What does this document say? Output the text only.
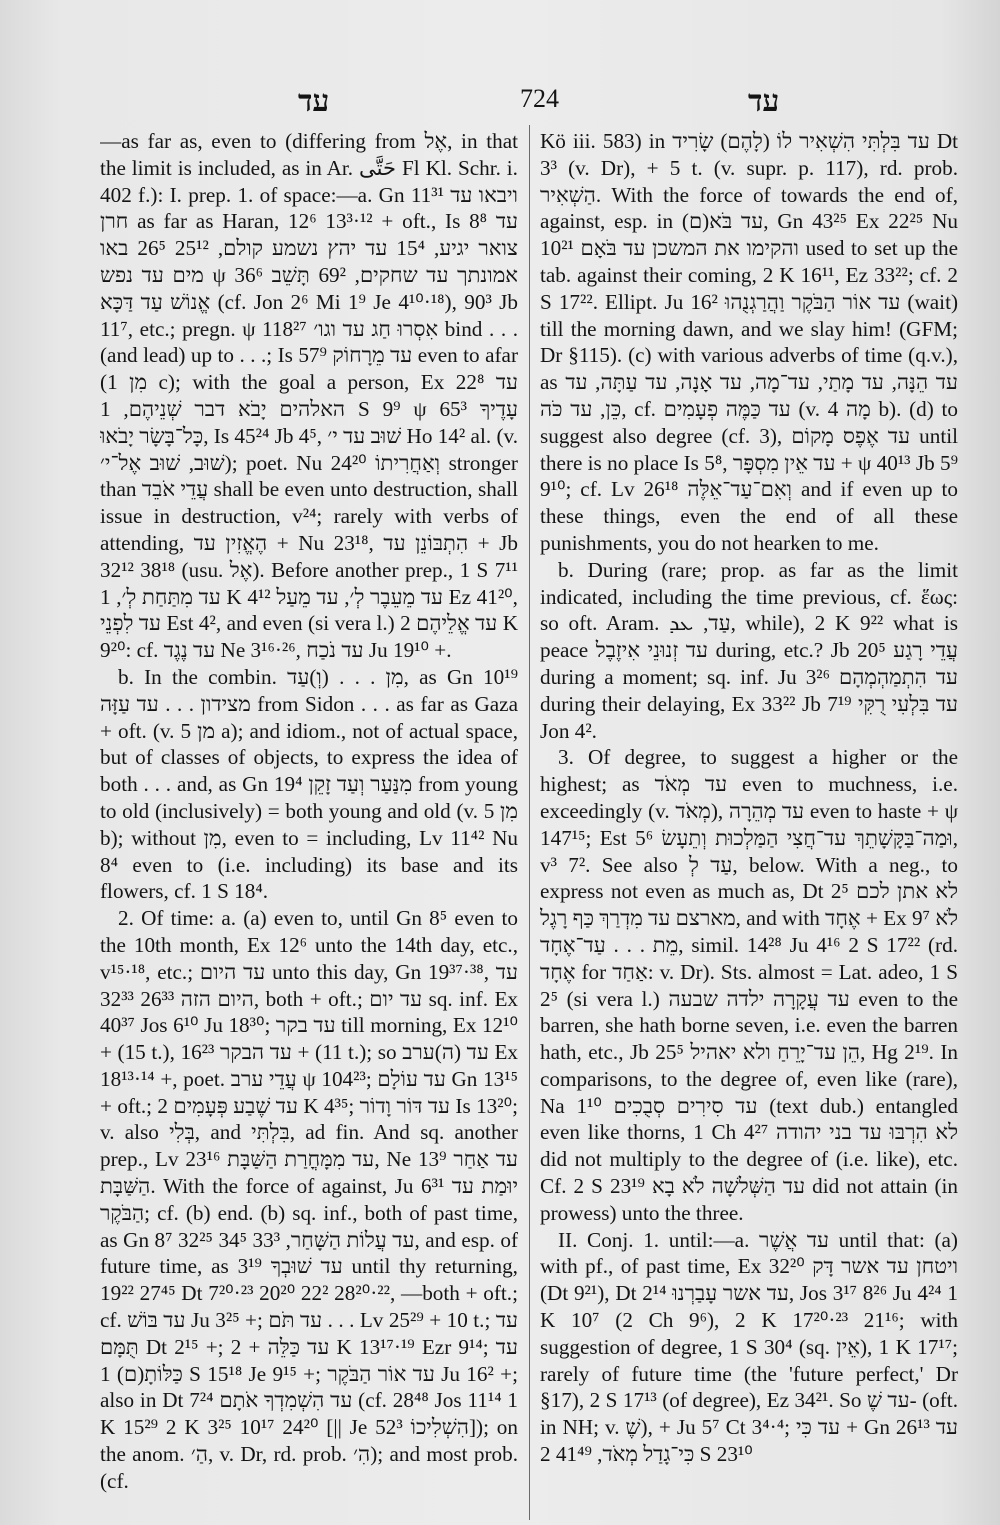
עד	724	עד

—as far as, even to (differing from אֶל, in that the limit is included, as in Ar. حَتَّى Fl Kl. Schr. i. 402 f.): I. prep. 1. of space:—a. Gn 11³¹ ויבאו עד חרן as far as Haran, 12⁶ 13³·¹² + oft., Is 8⁸ עד צואר יגיע, 15⁴ עד יהץ נשמע קולם, 25¹² 26⁵ באו מים עד נפש ψ 36⁶ אמונתך עד שחקים, 69² תָּשֵׁב אֱנוֹשׁ עַד דַּכָּא (cf. Jon 2⁶ Mi 1⁹ Je 4¹⁰·¹⁸), 90³ Jb 11⁷, etc.; pregn. ψ 118²⁷ אִסְרוּ חַג עד וגו׳ bind . . . (and lead) up to . . .; Is 57⁹ עד מֵרָחוֹק even to afar (מִן 1 c); with the goal a person, Ex 22⁸ עד האלהים יָבֹא דבר שְׁנֵיהֶם, 1 S 9⁹ ψ 65³ עָדֶיךָ כָּל־בָּשָׂר יָבֹאוּ, Is 45²⁴ Jb 4⁵, שׁוּב עד י׳ Ho 14² al. (v. שׁוּב, שׁוּב אֶל־י׳); poet. Nu 24²⁰ וְאַחֲרִיתוֹ stronger than עֲדֵי אֹבֵד shall be even unto destruction, shall issue in destruction, v²⁴; rarely with verbs of attending, הֶאֱזִין עד + Nu 23¹⁸, הִתְבּוֹנֵן עד + Jb 32¹² 38¹⁸ (usu. אֶל). Before another prep., 1 S 7¹¹ עד מִתַּחַת לְ׳, 1 K 4¹² עד מֵעֵבֶר לְ׳, עד מֵעַל Ez 41²⁰, עד לִפְנֵי Est 4², and even (si vera l.) עד אֱלֵיהֶם 2 K 9²⁰: cf. עד נֶגֶד Ne 3¹⁶·²⁶, עד נֹכַח Ju 19¹⁰ +.

b. In the combin. מִן . . . (וְ)עַד, as Gn 10¹⁹ מצידון . . . עד עַזָּה from Sidon . . . as far as Gaza + oft. (v. מן 5 a); and idiom., not of actual space, but of classes of objects, to express the idea of both . . . and, as Gn 19⁴ מִנַּעַר וְעַד זָקֵן from young to old (inclusively) = both young and old (v. מִן 5 b); without מִן, even to = including, Lv 11⁴² Nu 8⁴ even to (i.e. including) its base and its flowers, cf. 1 S 18⁴.

2. Of time: a. (a) even to, until Gn 8⁵ even to the 10th month, Ex 12⁶ unto the 14th day, etc., v¹⁵·¹⁸, etc.; עד היום unto this day, Gn 19³⁷·³⁸, עד היום הזה 26³³ 32³³, both + oft.; עד יום sq. inf. Ex 40³⁷ Jos 6¹⁰ Ju 18³⁰; עד בקר till morning, Ex 12¹⁰ + (15 t.), עד הבקר 16²³ + (11 t.); so עד (ה)ערב Ex 18¹³·¹⁴ +, poet. עֲדֵי ערב ψ 104²³; עד עוֹלָם Gn 13¹⁵ + oft.; עד שֶׁבַע פְּעָמִים 2 K 4³⁵; עד דּוֹר וָדוֹר Is 13²⁰; v. also בְּלִי, and בִּלְתִּי, ad fin. And sq. another prep., Lv 23¹⁶ עד מִמָּחֳרַת הַשַּׁבָּת, Ne 13⁹ עד אַחַר הַשַּׁבָּת. With the force of against, Ju 6³¹ יוּמַת עד הַבֹּקֶר; cf. (b) end. (b) sq. inf., both of past time, as Gn 8⁷ 32²⁵ עד עֲלוֹת הַשָּׁחַר, 33³ 34⁵, and esp. of future time, as 3¹⁹ עד שׁוּבְךָ until thy returning, 19²² 27⁴⁵ Dt 7²⁰·²³ 20²⁰ 22² 28²⁰·²², —both + oft.; cf. עד בּוֹשׁ Ju 3²⁵ +; עד תֹּם . . . Lv 25²⁹ + 10 t.; עד תֻּמָּם Dt 2¹⁵ +; עד כַּלֵּה + 2 K 13¹⁷·¹⁹ Ezr 9¹⁴; עד כַּלּוֹתָ(ם) 1 S 15¹⁸ Je 9¹⁵ +; עד אוֹר הַבֹּקֶר Ju 16² +; also in Dt 7²⁴ עד הִשְׁמִדְךָ אֹתָם (cf. 28⁴⁸ Jos 11¹⁴ 1 K 15²⁹ 2 K 3²⁵ 10¹⁷ 24²⁰ [|| Je 52³ הִשְׁלִיכוֹ]); on the anom. הַ׳, v. Dr, rd. prob. הִ׳); and most prob. (cf.

Kö iii. 583) in עד בִּלְתִּי הִשְׁאִיר לוֹ (לָהֶם) שָׂרִיד Dt 3³ (v. Dr), + 5 t. (v. supr. p. 117), rd. prob. הַשְׁאִיר. With the force of towards the end of, against, esp. in עד בֹּא(ם), Gn 43²⁵ Ex 22²⁵ Nu 10²¹ והקימו את המשכן עד בֹּאָם used to set up the tab. against their coming, 2 K 16¹¹, Ez 33²²; cf. 2 S 17²². Ellipt. Ju 16² עד אוֹר הַבֹּקֶר וַהֲרַגְנֻהוּ (wait) till the morning dawn, and we slay him! (GFM; Dr §115). (c) with various adverbs of time (q.v.), as עד הֵנָּה, עד מָתַי, עד־מָה, עד אָנָה, עד עַתָּה, עד כֵּן, עד כֹּה, cf. עד כַּמֶּה פְעָמִים (v. מָה 4 b). (d) to suggest also degree (cf. 3), עד אֶפֶס מָקוֹם until there is no place Is 5⁸, עד אֵין מִסְפָּר + ψ 40¹³ Jb 5⁹ 9¹⁰; cf. Lv 26¹⁸ וְאִם־עַד־אֵלֶּה and if even up to these things, even the end of all these punishments, you do not hearken to me.

b. During (rare; prop. as far as the limit indicated, including the time previous, cf. ἕως: so oft. Aram. עַד, ܥܕ, while), 2 K 9²² what is peace עד זְנוּנֵי אִיזֶבֶל during, etc.? Jb 20⁵ עֲדֵי רָגַע during a moment; sq. inf. Ju 3²⁶ עד הִתְמַהְמְהָם during their delaying, Ex 33²² Jb 7¹⁹ עד בִּלְעִי רֻקִּי Jon 4².

3. Of degree, to suggest a higher or the highest; as עד מְאֹד even to muchness, i.e. exceedingly (v. מְאֹד), עד מְהֵרָה even to haste + ψ 147¹⁵; Est 5⁶ וּמַה־בַּקָּשָׁתֵךְ עד־חֲצִי הַמַּלְכוּת וְתֵעָשׂ, v³ 7². See also עַד לְ, below. With a neg., to express not even as much as, Dt 2⁵ לא אתן לכם מארצם עד מִדְרַךְ כַּף רָגֶל, and with אֶחָד + Ex 9⁷ לֹא מֵת . . . עַד־אֶחָד, simil. 14²⁸ Ju 4¹⁶ 2 S 17²² (rd. אֶחָד for אַחַד: v. Dr). Sts. almost = Lat. adeo, 1 S 2⁵ (si vera l.) עד עֲקָרָה ילדה שבעה even to the barren, she hath borne seven, i.e. even the barren hath, etc., Jb 25⁵ הֵן עד־יָרֵחַ ולא יאהיל, Hg 2¹⁹. In comparisons, to the degree of, even like (rare), Na 1¹⁰ עד סִירִים סְבֻכִים (text dub.) entangled even like thorns, 1 Ch 4²⁷ לא הִרְבּוּ עד בני יהודה did not multiply to the degree of (i.e. like), etc. Cf. 2 S 23¹⁹ עד הַשְּׁלשָׁה לֹא בָא did not attain (in prowess) unto the three.

II. Conj. 1. until:—a. עד אֲשֶׁר until that: (a) with pf., of past time, Ex 32²⁰ ויטחן עד אשר דָּק (Dt 9²¹), Dt 2¹⁴ עד אשר עָבַרְנוּ, Jos 3¹⁷ 8²⁶ Ju 4²⁴ 1 K 10⁷ (2 Ch 9⁶), 2 K 17²⁰·²³ 21¹⁶; with suggestion of degree, 1 S 30⁴ (sq. אֵין), 1 K 17¹⁷; rarely of future time (the 'future perfect,' Dr §17), 2 S 17¹³ (of degree), Ez 34²¹. So עד שֶׁ- (oft. in NH; v. שֶׁ), + Ju 5⁷ Ct 3⁴·⁴; עד כִּי + Gn 26¹³ עד כִּי־גָדַל מְאֹד, 41⁴⁹ 2 S 23¹⁰
